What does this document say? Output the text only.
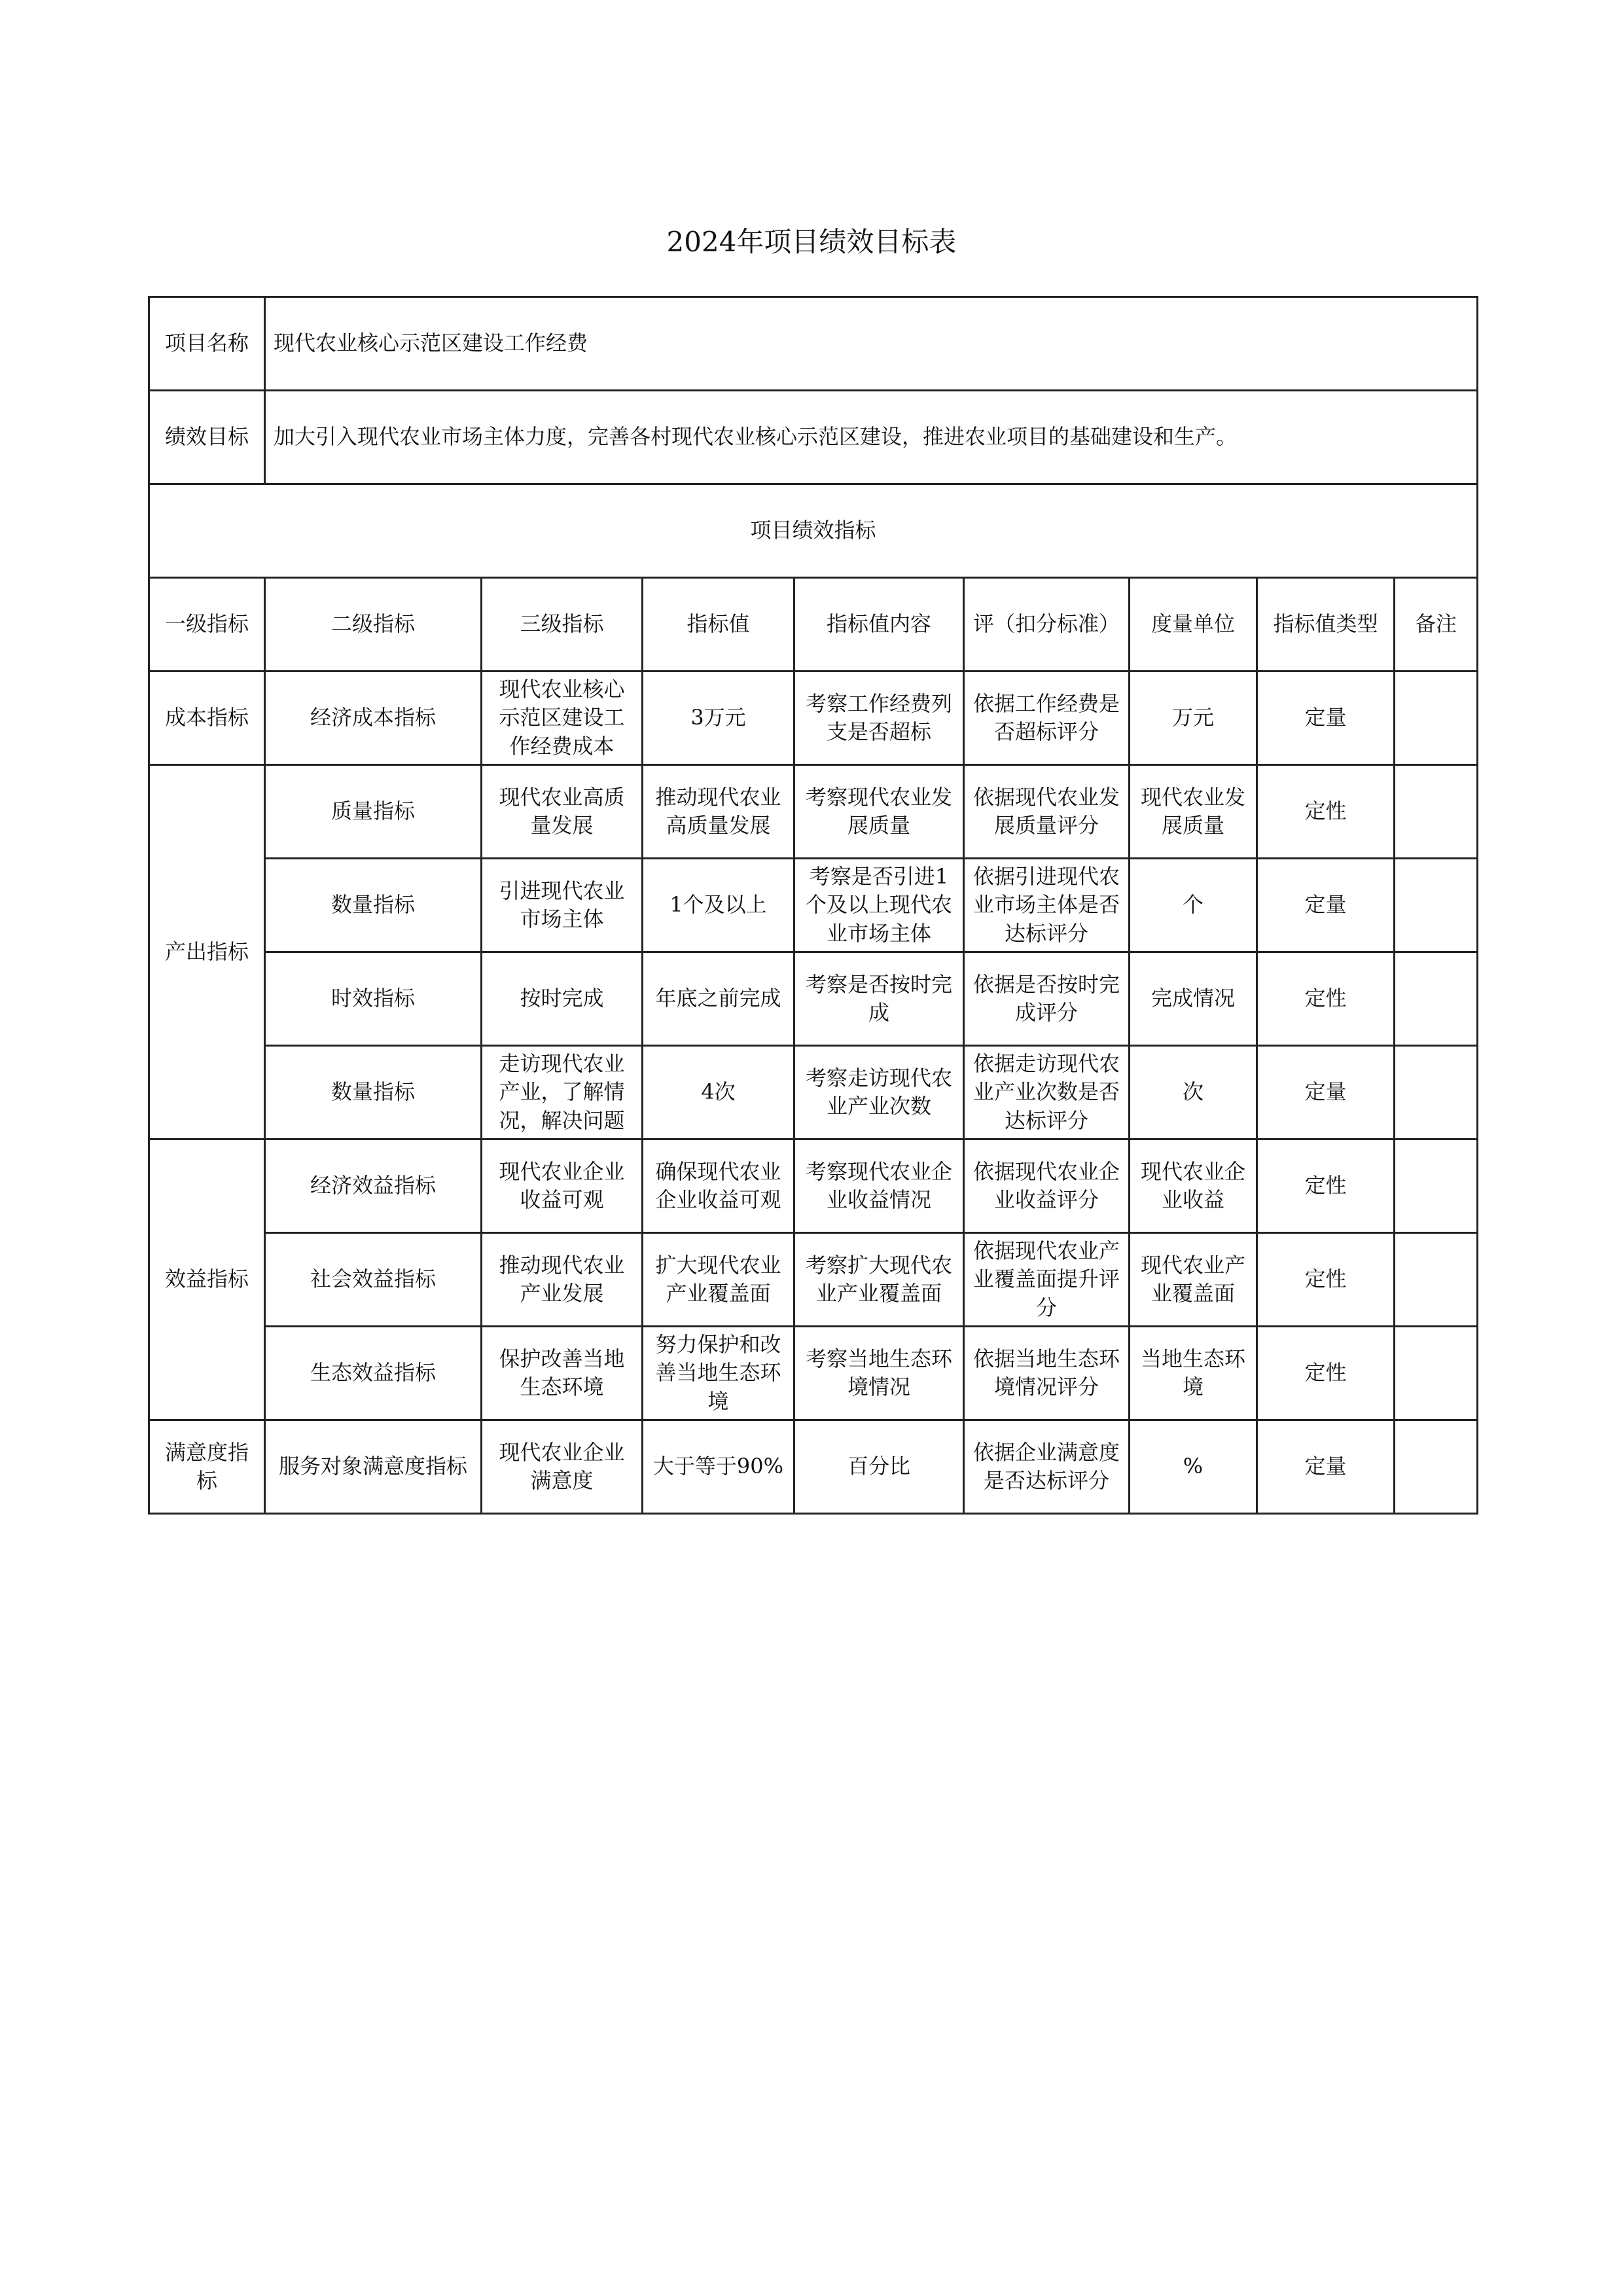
2024年项目绩效目标表
项目名称	现代农业核心示范区建设工作经费							
绩效目标	加大引入现代农业市场主体力度，完善各村现代农业核心示范区建设，推进农业项目的基础建设和生产。							
项目绩效指标								
一级指标	二级指标	三级指标	指标值	指标值内容	评（扣分标准）	度量单位	指标值类型	备注

成本指标	经济成本指标	现代农业核心
示范区建设工
作经费成本	3万元	考察工作经费列
支是否超标	依据工作经费是
否超标评分	万元	定量	

产出指标	质量指标	现代农业高质
量发展	推动现代农业
高质量发展	考察现代农业发
展质量	依据现代农业发
展质量评分	现代农业发
展质量	定性	

	数量指标	引进现代农业
市场主体	1个及以上	考察是否引进1
个及以上现代农
业市场主体	依据引进现代农
业市场主体是否
达标评分	个	定量	

	时效指标	按时完成	年底之前完成	考察是否按时完
成	依据是否按时完
成评分	完成情况	定性	

	数量指标	走访现代农业
产业，了解情
况，解决问题	4次	考察走访现代农
业产业次数	依据走访现代农
业产业次数是否
达标评分	次	定量	

效益指标	经济效益指标	现代农业企业
收益可观	确保现代农业
企业收益可观	考察现代农业企
业收益情况	依据现代农业企
业收益评分	现代农业企
业收益	定性	

	社会效益指标	推动现代农业
产业发展	扩大现代农业
产业覆盖面	考察扩大现代农
业产业覆盖面	依据现代农业产
业覆盖面提升评
分	现代农业产
业覆盖面	定性	

	生态效益指标	保护改善当地
生态环境	努力保护和改
善当地生态环
境	考察当地生态环
境情况	依据当地生态环
境情况评分	当地生态环
境	定性	

满意度指
标	服务对象满意度指标	现代农业企业
满意度	大于等于90%	百分比	依据企业满意度
是否达标评分	%	定量	
